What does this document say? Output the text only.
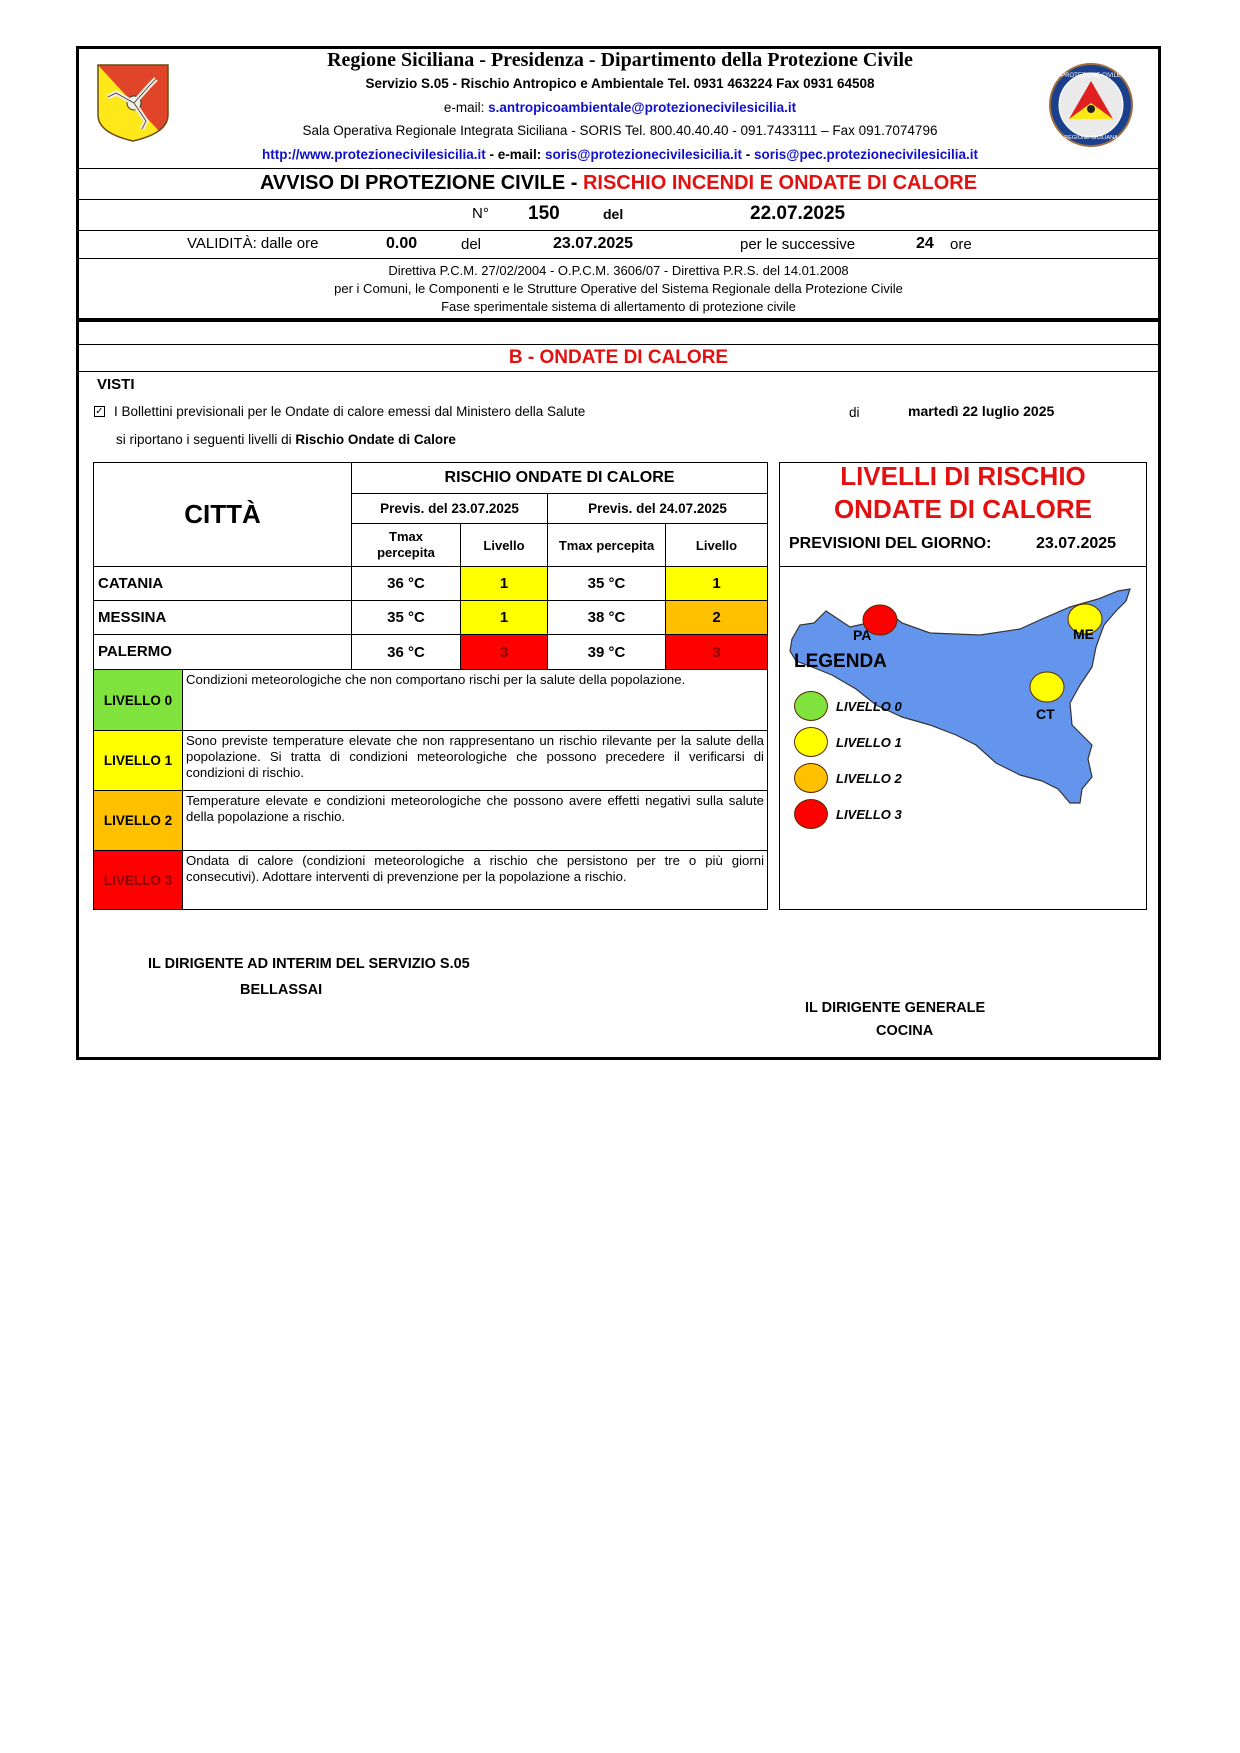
PROTEZIONE CIVILE
REGIONE SICILIANA
Regione Siciliana - Presidenza - Dipartimento della Protezione Civile
Servizio S.05 - Rischio Antropico e Ambientale Tel. 0931 463224 Fax 0931 64508
e-mail: s.antropicoambientale@protezionecivilesicilia.it
Sala Operativa Regionale Integrata Siciliana - SORIS Tel. 800.40.40.40 - 091.7433111 – Fax 091.7074796
http://www.protezionecivilesicilia.it - e-mail: soris@protezionecivilesicilia.it - soris@pec.protezionecivilesicilia.it
AVVISO DI PROTEZIONE CIVILE - RISCHIO INCENDI E ONDATE DI CALORE
N° 150	del	22.07.2025
VALIDITÀ: dalle ore	0.00	del	23.07.2025	per le successive	24 ore
Direttiva P.C.M. 27/02/2004 - O.P.C.M. 3606/07 - Direttiva P.R.S. del 14.01.2008
per i Comuni, le Componenti e le Strutture Operative del Sistema Regionale della Protezione Civile
Fase sperimentale sistema di allertamento di protezione civile
B - ONDATE DI CALORE
VISTI
✓ I Bollettini previsionali per le Ondate di calore emessi dal Ministero della Salute	di	martedì 22 luglio 2025
si riportano i seguenti livelli di Rischio Ondate di Calore
CITTÀ
RISCHIO ONDATE DI CALORE
Previs. del 23.07.2025	Previs. del 24.07.2025
Tmax
percepita	Livello	Tmax percepita	Livello
CATANIA	36 °C	1	35 °C	1
MESSINA	35 °C	1	38 °C	2
PALERMO	36 °C	3	39 °C	3
LIVELLO 0
Condizioni meteorologiche che non comportano rischi per la salute della popolazione.
LIVELLO 1
Sono previste temperature elevate che non rappresentano un rischio rilevante per la salute della popolazione. Si tratta di condizioni meteorologiche che possono precedere il verificarsi di condizioni di rischio.
LIVELLO 2
Temperature elevate e condizioni meteorologiche che possono avere effetti negativi sulla salute della popolazione a rischio.
LIVELLO 3
Ondata di calore (condizioni meteorologiche a rischio che persistono per tre o più giorni consecutivi). Adottare interventi di prevenzione per la popolazione a rischio.
LIVELLI DI RISCHIO
ONDATE DI CALORE
PREVISIONI DEL GIORNO:	23.07.2025
PA	ME
CT
LEGENDA
LIVELLO 0
LIVELLO 1
LIVELLO 2
LIVELLO 3
IL DIRIGENTE AD INTERIM DEL SERVIZIO S.05
BELLASSAI
IL DIRIGENTE GENERALE
COCINA
